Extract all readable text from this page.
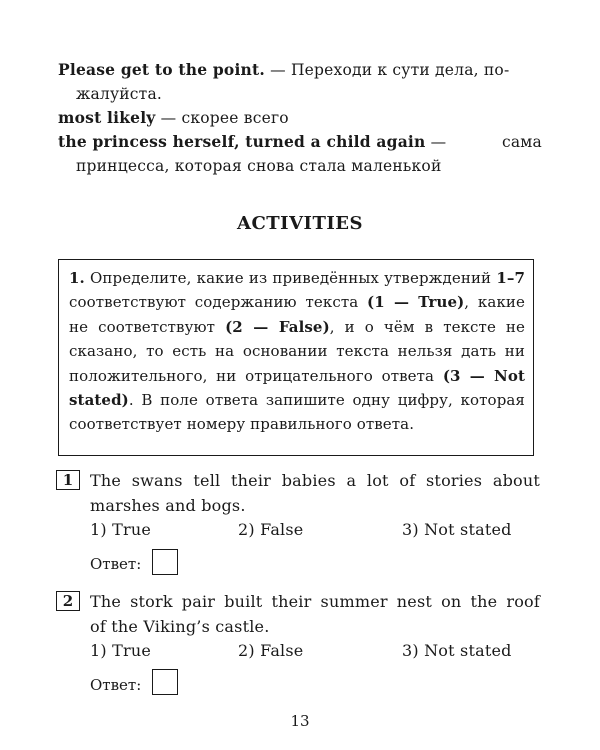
Please get to the point. — Переходи к сути дела, по-
жалуйста.
most likely — скорее всего
the princess herself, turned a child again —	сама
принцесса, которая снова стала маленькой
ACTIVITIES
1. Определите, какие из приведённых утверждений 1–7 соответствуют содержанию текста (1 — True), какие не соответствуют (2 — False), и о чём в тексте не сказано, то есть на основании текста нельзя дать ни положительного, ни отрицательного ответа (3 — Not stated). В поле ответа запишите одну цифру, которая соответствует номеру правильного ответа.
1	The swans tell their babies a lot of stories about
marshes and bogs.
1) True	2) False	3) Not stated
Ответ:
2	The stork pair built their summer nest on the roof
of the Viking’s castle.
1) True	2) False	3) Not stated
Ответ:
13
